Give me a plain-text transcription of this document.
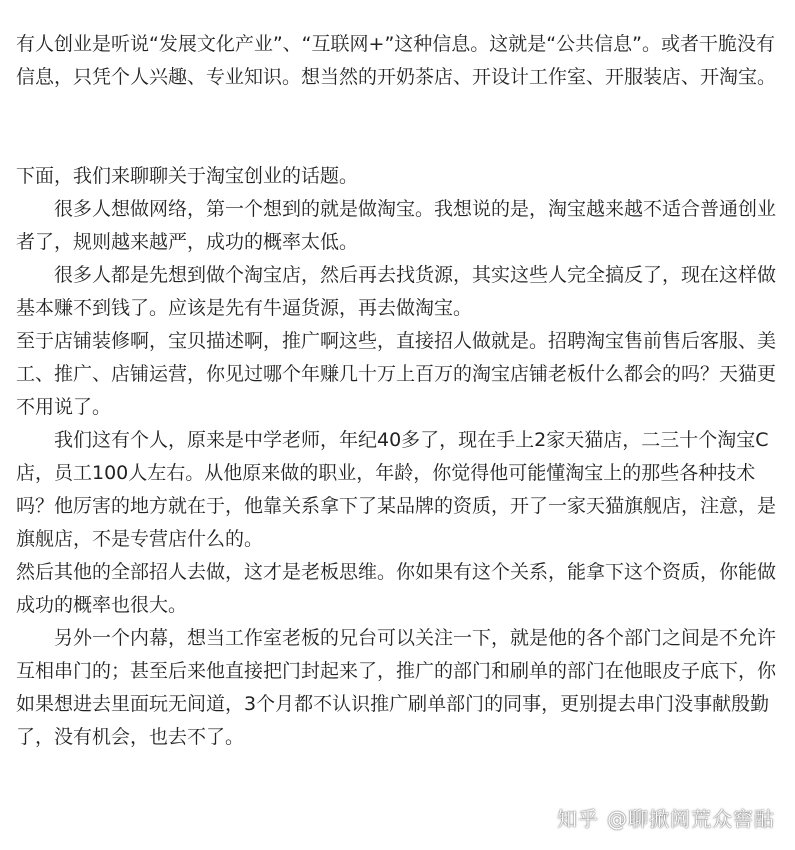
有人创业是听说“发展文化产业”、“互联网+”这种信息。这就是“公共信息”。或者干脆没有信息，只凭个人兴趣、专业知识。想当然的开奶茶店、开设计工作室、开服装店、开淘宝。

下面，我们来聊聊关于淘宝创业的话题。

很多人想做网络，第一个想到的就是做淘宝。我想说的是，淘宝越来越不适合普通创业者了，规则越来越严，成功的概率太低。

很多人都是先想到做个淘宝店，然后再去找货源，其实这些人完全搞反了，现在这样做基本赚不到钱了。应该是先有牛逼货源，再去做淘宝。

至于店铺装修啊，宝贝描述啊，推广啊这些，直接招人做就是。招聘淘宝售前售后客服、美工、推广、店铺运营，你见过哪个年赚几十万上百万的淘宝店铺老板什么都会的吗？天猫更不用说了。

我们这有个人，原来是中学老师，年纪40多了，现在手上2家天猫店，二三十个淘宝C店，员工100人左右。从他原来做的职业，年龄，你觉得他可能懂淘宝上的那些各种技术吗？他厉害的地方就在于，他靠关系拿下了某品牌的资质，开了一家天猫旗舰店，注意，是旗舰店，不是专营店什么的。

然后其他的全部招人去做，这才是老板思维。你如果有这个关系，能拿下这个资质，你能做成功的概率也很大。

另外一个内幕，想当工作室老板的兄台可以关注一下，就是他的各个部门之间是不允许互相串门的；甚至后来他直接把门封起来了，推广的部门和刷单的部门在他眼皮子底下，你如果想进去里面玩无间道，3个月都不认识推广刷单部门的同事，更别提去串门没事献殷勤了，没有机会，也去不了。

知乎 @聊掀阅荒众窖酤
